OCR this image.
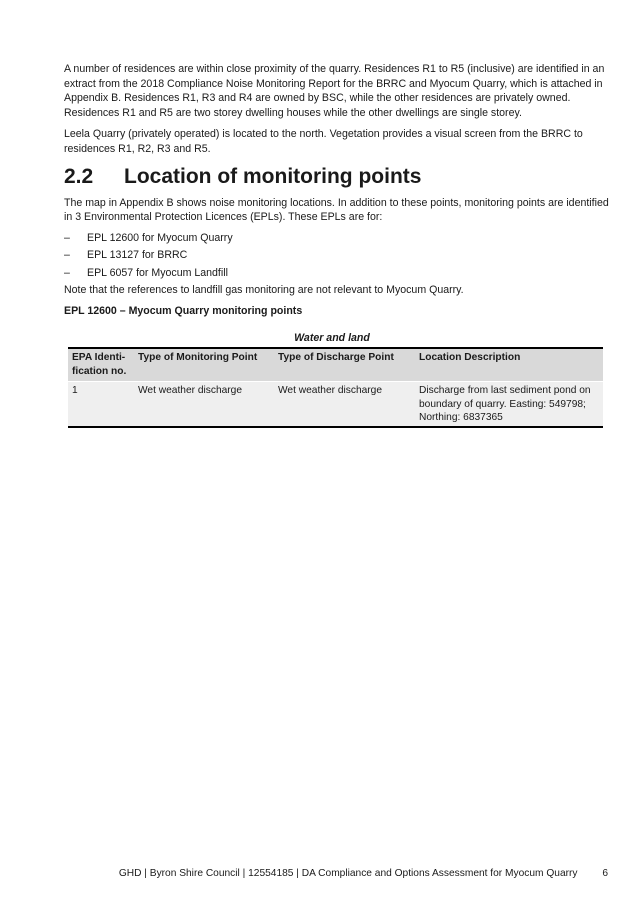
A number of residences are within close proximity of the quarry. Residences R1 to R5 (inclusive) are identified in an extract from the 2018 Compliance Noise Monitoring Report for the BRRC and Myocum Quarry, which is attached in Appendix B. Residences R1, R3 and R4 are owned by BSC, while the other residences are privately owned. Residences R1 and R5 are two storey dwelling houses while the other dwellings are single storey.

Leela Quarry (privately operated) is located to the north. Vegetation provides a visual screen from the BRRC to residences R1, R2, R3 and R5.

2.2	Location of monitoring points

The map in Appendix B shows noise monitoring locations. In addition to these points, monitoring points are identified in 3 Environmental Protection Licences (EPLs). These EPLs are for:

–	EPL 12600 for Myocum Quarry
–	EPL 13127 for BRRC
–	EPL 6057 for Myocum Landfill

Note that the references to landfill gas monitoring are not relevant to Myocum Quarry.

EPL 12600 – Myocum Quarry monitoring points

Water and land
EPA Identi-fication no.	Type of Monitoring Point	Type of Discharge Point	Location Description
1	Wet weather discharge	Wet weather discharge	Discharge from last sediment pond on boundary of quarry. Easting: 549798; Northing: 6837365
GHD | Byron Shire Council | 12554185 | DA Compliance and Options Assessment for Myocum Quarry 6
